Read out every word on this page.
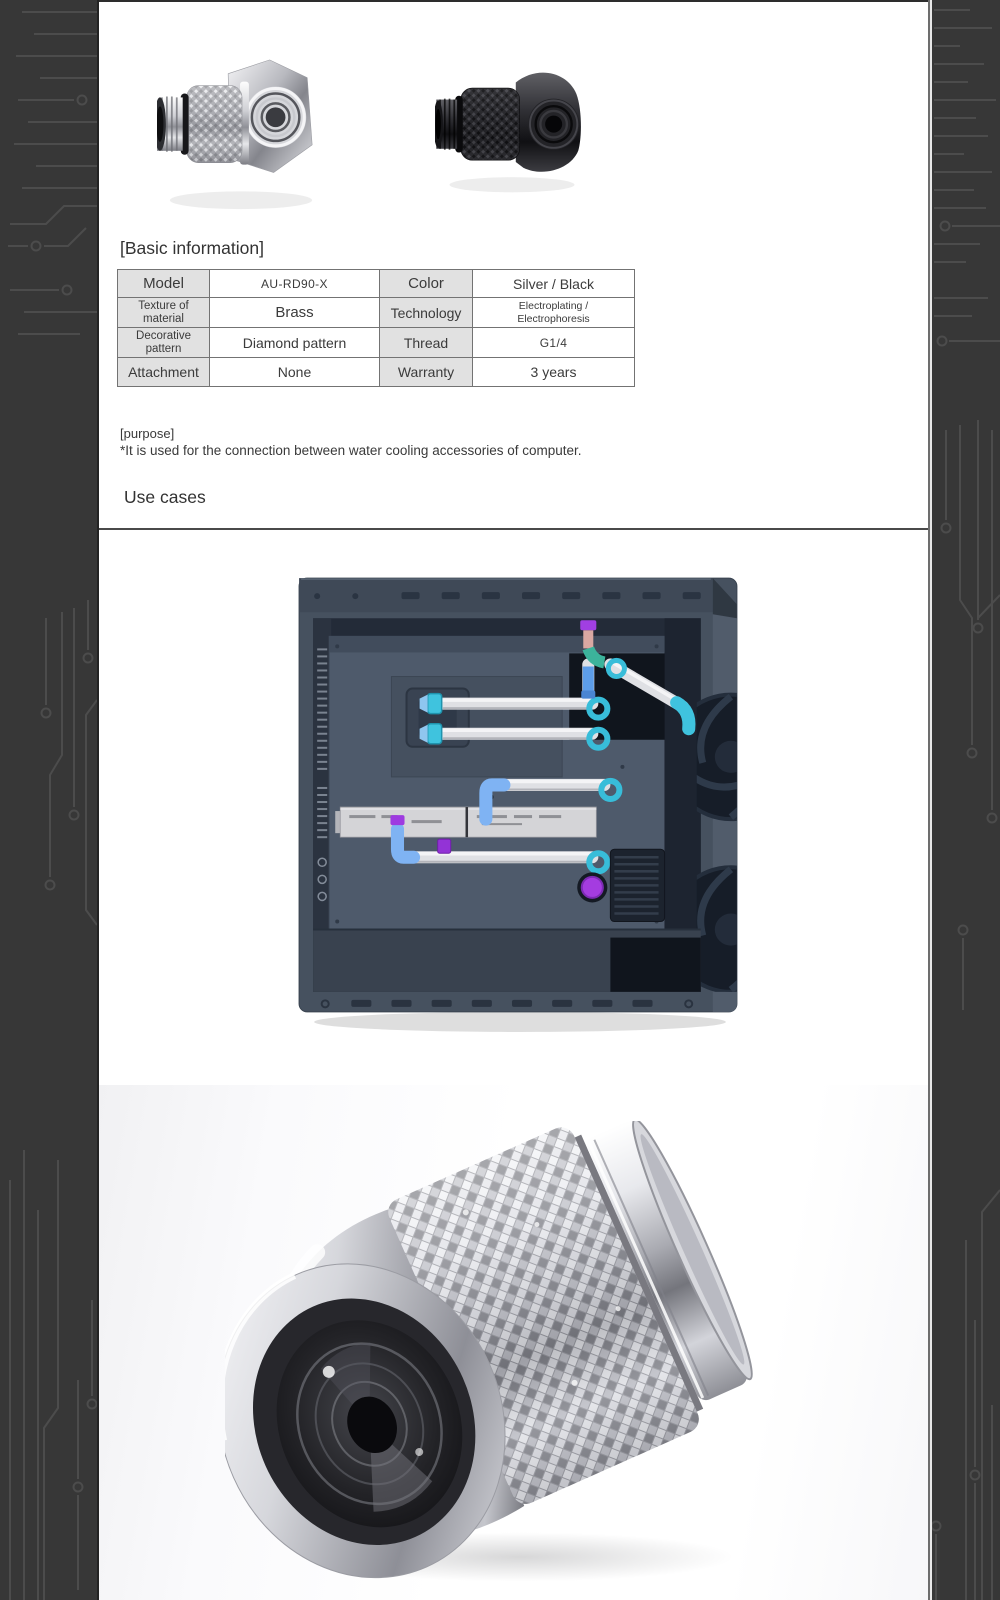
[Basic information]
Model	AU-RD90-X	Color	Silver / Black
Texture of material	Brass	Technology	Electroplating / Electrophoresis
Decorative pattern	Diamond pattern	Thread	G1/4
Attachment	None	Warranty	3 years

[purpose]

*It is used for the connection between water cooling accessories of computer.

Use cases
